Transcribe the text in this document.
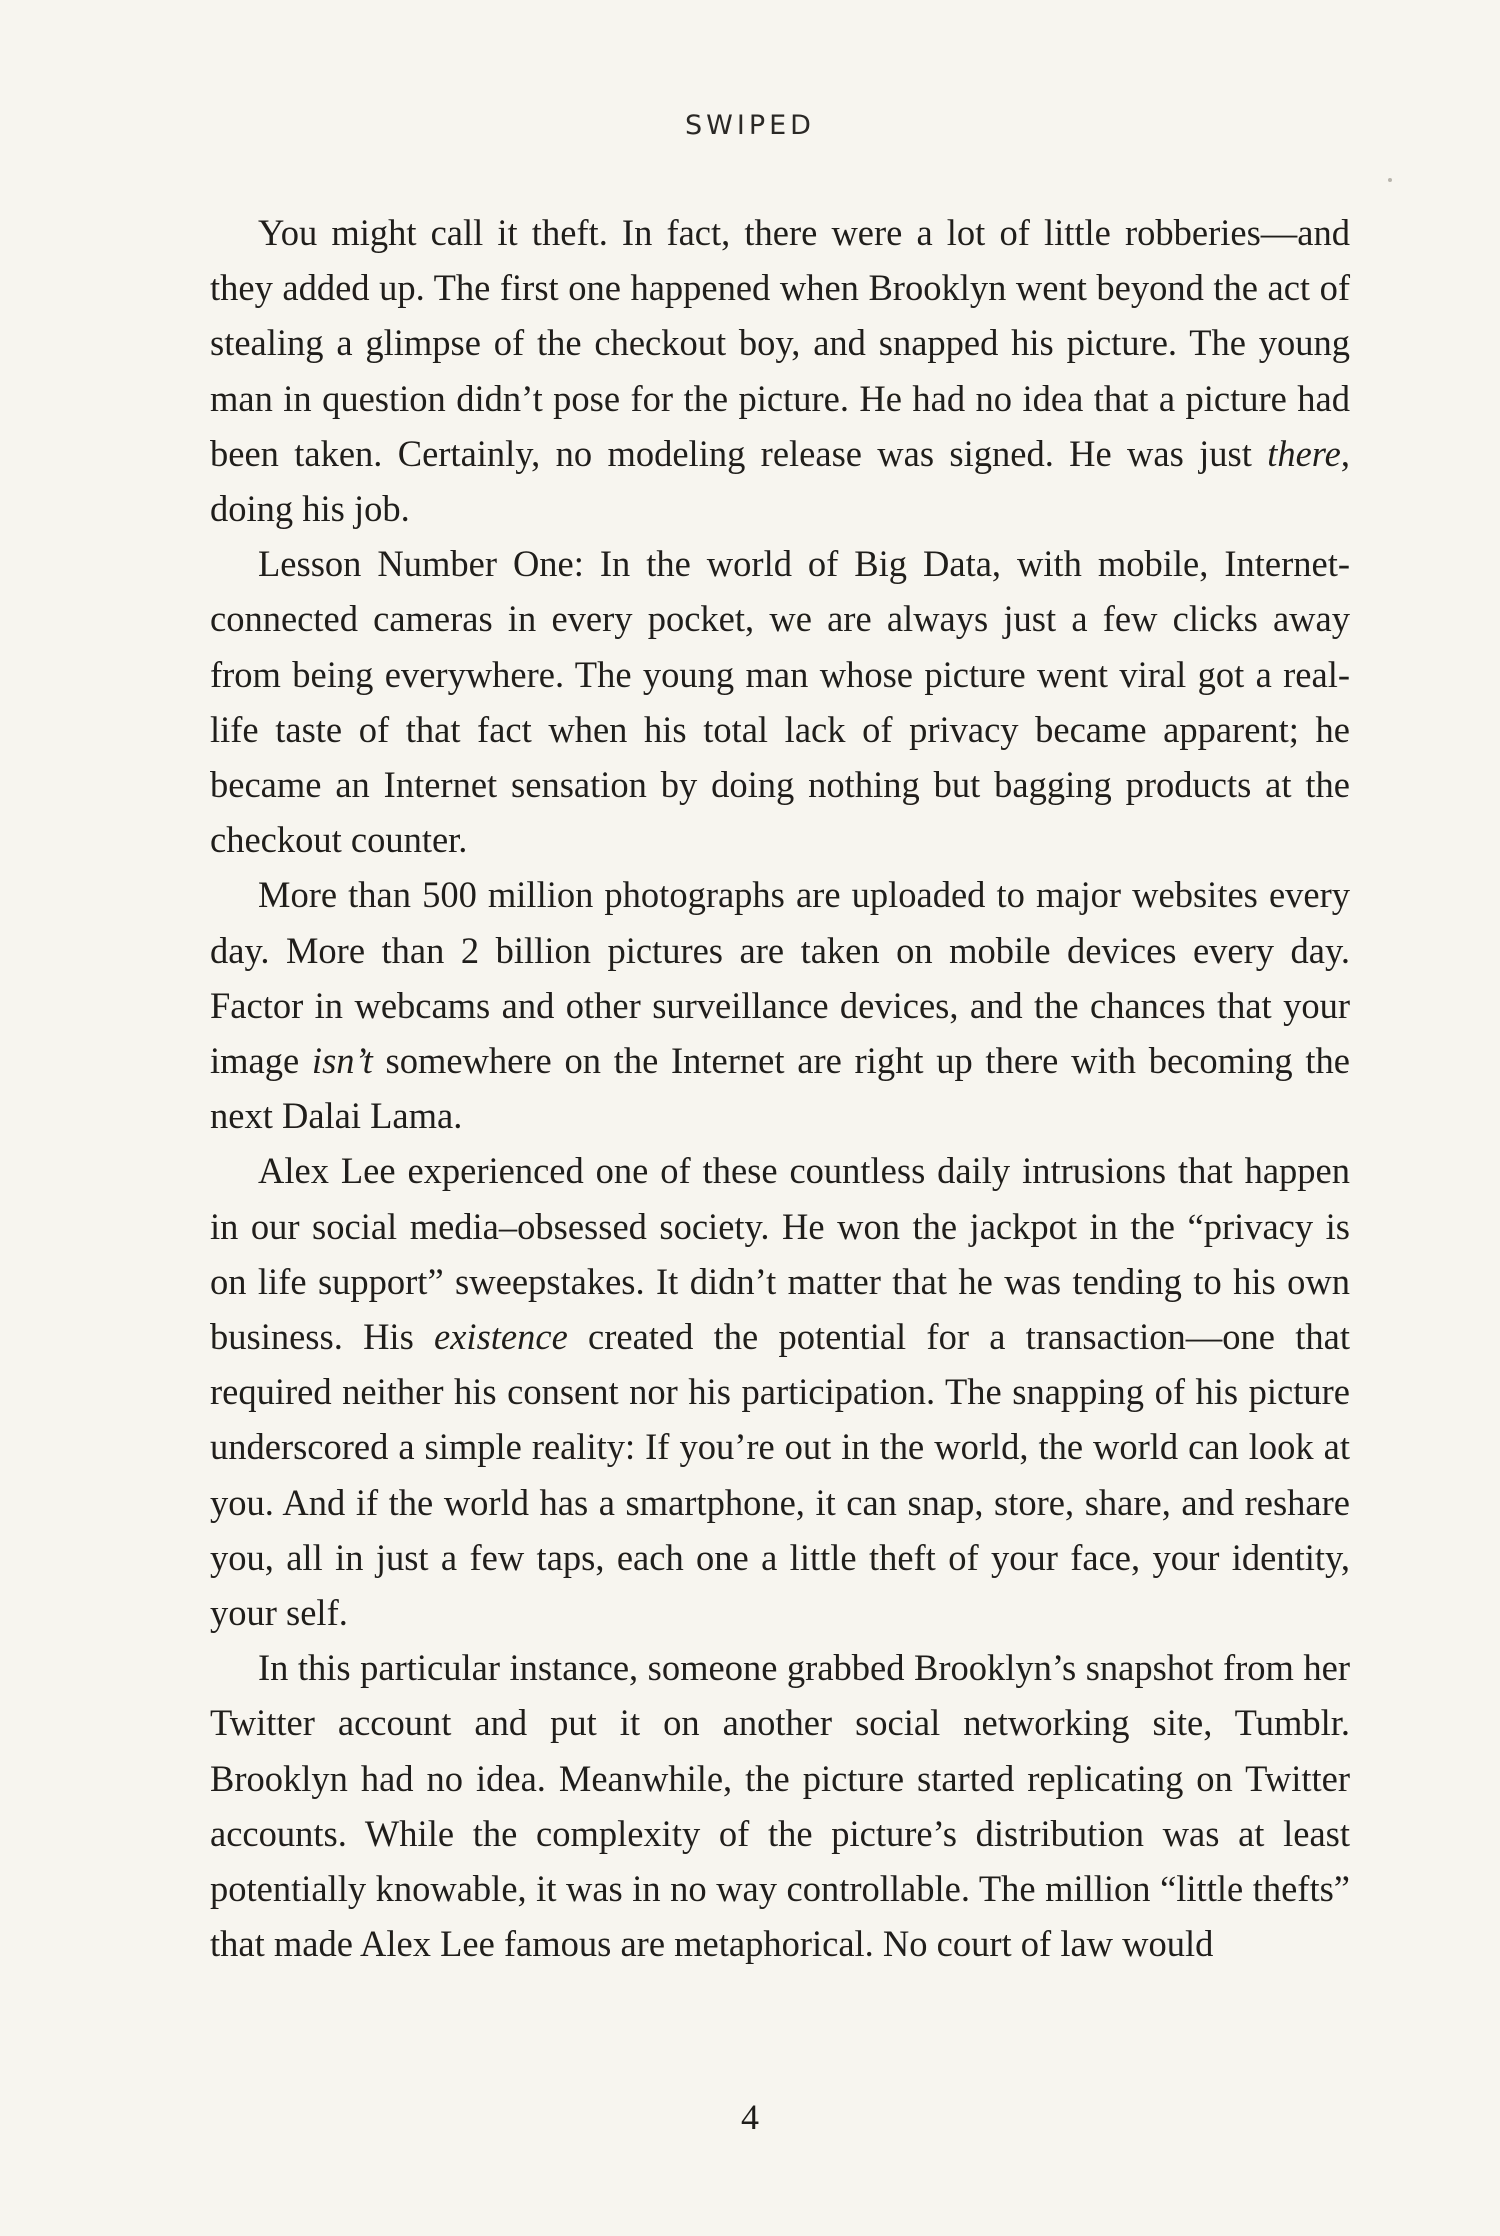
SWIPED

You might call it theft. In fact, there were a lot of little robberies—and they added up. The first one happened when Brooklyn went beyond the act of stealing a glimpse of the checkout boy, and snapped his picture. The young man in question didn’t pose for the picture. He had no idea that a picture had been taken. Certainly, no modeling release was signed. He was just there, doing his job.

Lesson Number One: In the world of Big Data, with mobile, Internet-connected cameras in every pocket, we are always just a few clicks away from being everywhere. The young man whose picture went viral got a real-life taste of that fact when his total lack of privacy became apparent; he became an Internet sensation by doing nothing but bagging products at the checkout counter.

More than 500 million photographs are uploaded to major websites every day. More than 2 billion pictures are taken on mobile devices every day. Factor in webcams and other surveillance devices, and the chances that your image isn’t somewhere on the Internet are right up there with becoming the next Dalai Lama.

Alex Lee experienced one of these countless daily intrusions that happen in our social media–obsessed society. He won the jackpot in the “privacy is on life support” sweepstakes. It didn’t matter that he was tending to his own business. His existence created the potential for a transaction—one that required neither his consent nor his participation. The snapping of his picture underscored a simple reality: If you’re out in the world, the world can look at you. And if the world has a smartphone, it can snap, store, share, and reshare you, all in just a few taps, each one a little theft of your face, your identity, your self.

In this particular instance, someone grabbed Brooklyn’s snapshot from her Twitter account and put it on another social networking site, Tumblr. Brooklyn had no idea. Meanwhile, the picture started replicating on Twitter accounts. While the complexity of the picture’s distribution was at least potentially knowable, it was in no way controllable. The million “little thefts” that made Alex Lee famous are metaphorical. No court of law would

4
